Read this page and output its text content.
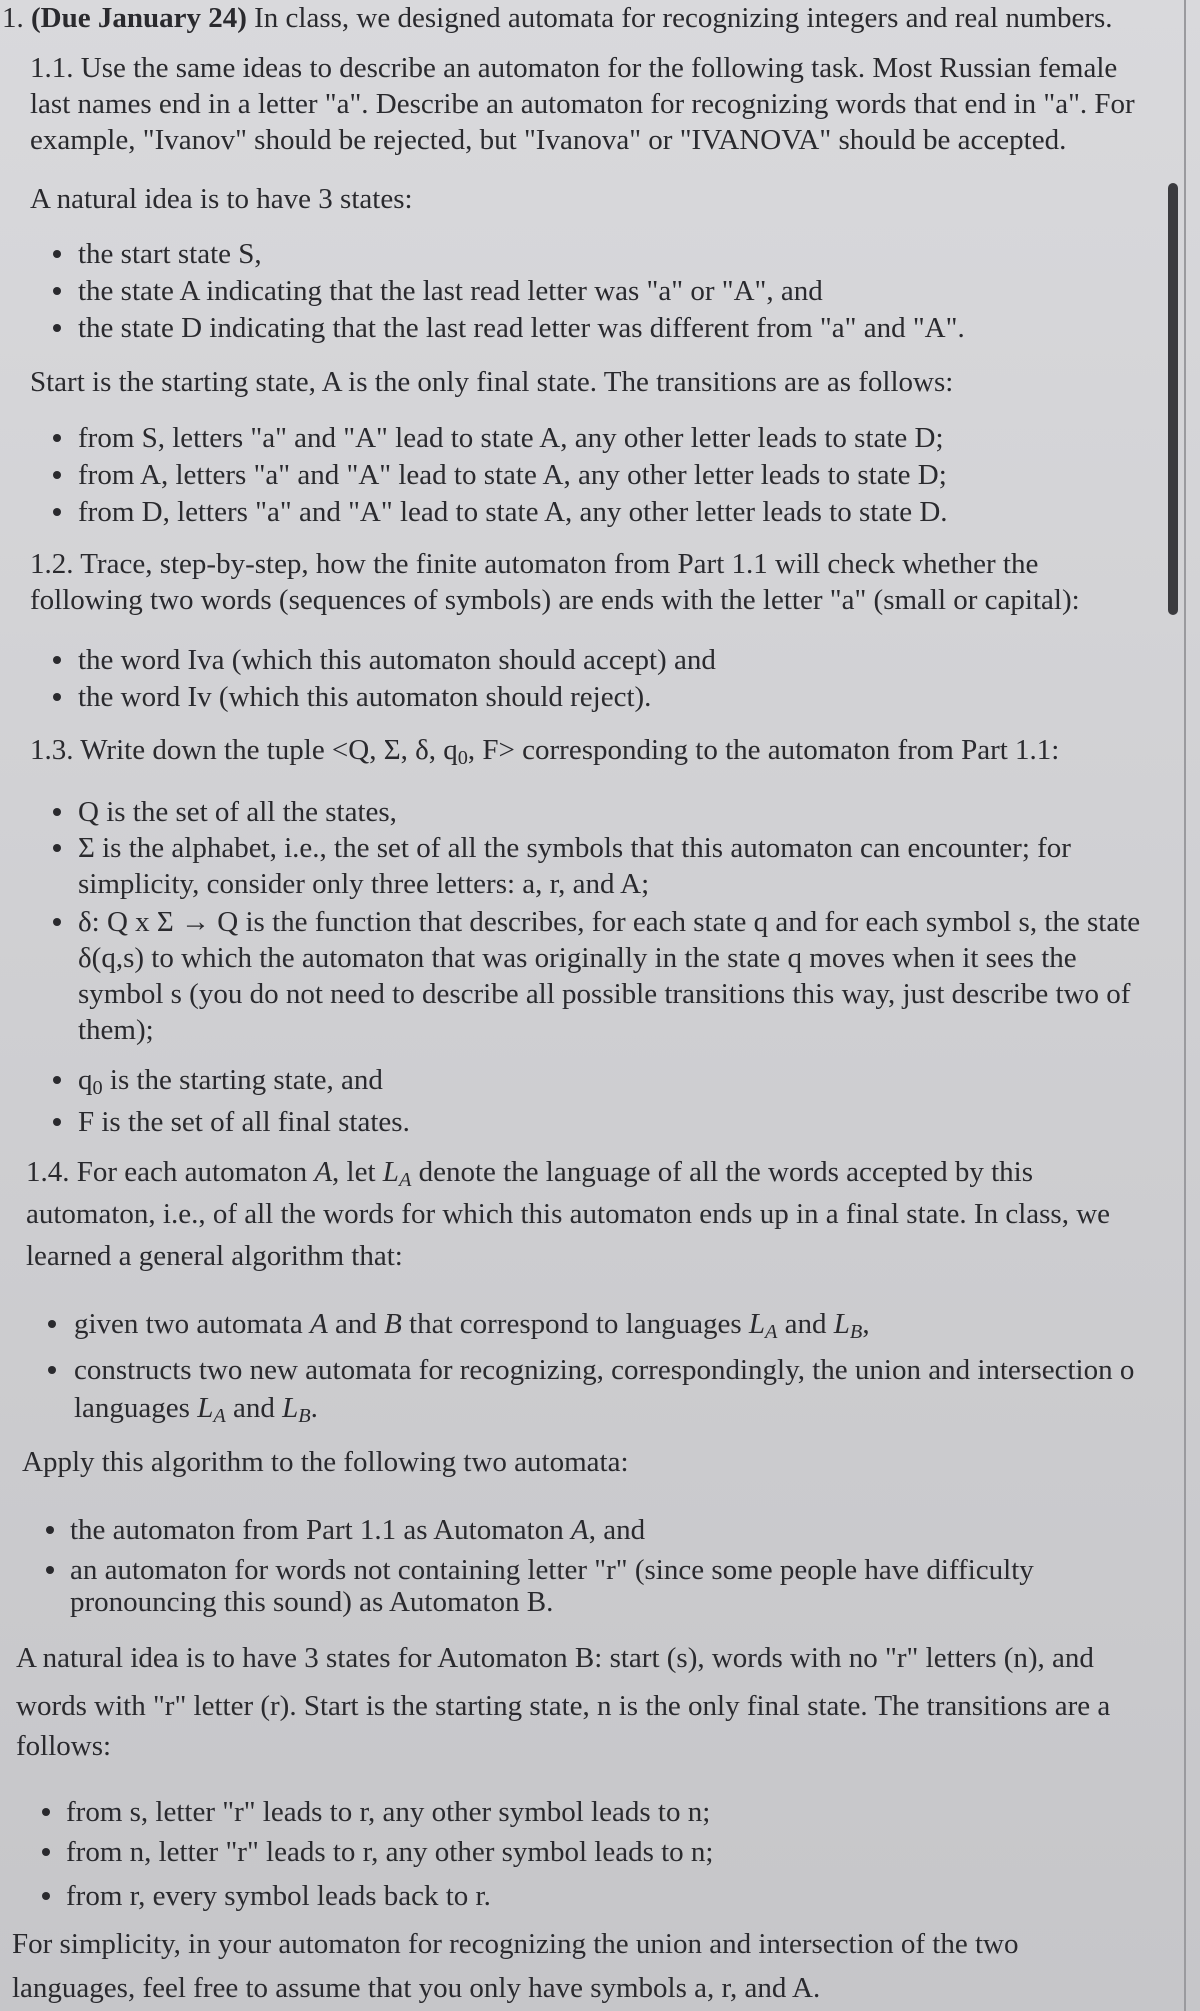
1. (Due January 24) In class, we designed automata for recognizing integers and real numbers.
1.1. Use the same ideas to describe an automaton for the following task. Most Russian female
last names end in a letter "a". Describe an automaton for recognizing words that end in "a". For
example, "Ivanov" should be rejected, but "Ivanova" or "IVANOVA" should be accepted.
A natural idea is to have 3 states:
the start state S,
the state A indicating that the last read letter was "a" or "A", and
the state D indicating that the last read letter was different from "a" and "A".
Start is the starting state, A is the only final state. The transitions are as follows:
from S, letters "a" and "A" lead to state A, any other letter leads to state D;
from A, letters "a" and "A" lead to state A, any other letter leads to state D;
from D, letters "a" and "A" lead to state A, any other letter leads to state D.
1.2. Trace, step-by-step, how the finite automaton from Part 1.1 will check whether the
following two words (sequences of symbols) are ends with the letter "a" (small or capital):
the word Iva (which this automaton should accept) and
the word Iv (which this automaton should reject).
1.3. Write down the tuple <Q, Σ, δ, $q_0$, F> corresponding to the automaton from Part 1.1:
Q is the set of all the states,
Σ is the alphabet, i.e., the set of all the symbols that this automaton can encounter; for
simplicity, consider only three letters: a, r, and A;
δ: Q x Σ → Q is the function that describes, for each state q and for each symbol s, the state
δ(q,s) to which the automaton that was originally in the state q moves when it sees the
symbol s (you do not need to describe all possible transitions this way, just describe two of
them);
$q_0$ is the starting state, and
F is the set of all final states.
1.4. For each automaton A, let $L_A$ denote the language of all the words accepted by this
automaton, i.e., of all the words for which this automaton ends up in a final state. In class, we
learned a general algorithm that:
given two automata A and B that correspond to languages $L_A$ and $L_B$,
constructs two new automata for recognizing, correspondingly, the union and intersection o
languages $L_A$ and $L_B$.
Apply this algorithm to the following two automata:
the automaton from Part 1.1 as Automaton A, and
an automaton for words not containing letter "r" (since some people have difficulty
pronouncing this sound) as Automaton B.
A natural idea is to have 3 states for Automaton B: start (s), words with no "r" letters (n), and
words with "r" letter (r). Start is the starting state, n is the only final state. The transitions are a
follows:
from s, letter "r" leads to r, any other symbol leads to n;
from n, letter "r" leads to r, any other symbol leads to n;
from r, every symbol leads back to r.
For simplicity, in your automaton for recognizing the union and intersection of the two
languages, feel free to assume that you only have symbols a, r, and A.
